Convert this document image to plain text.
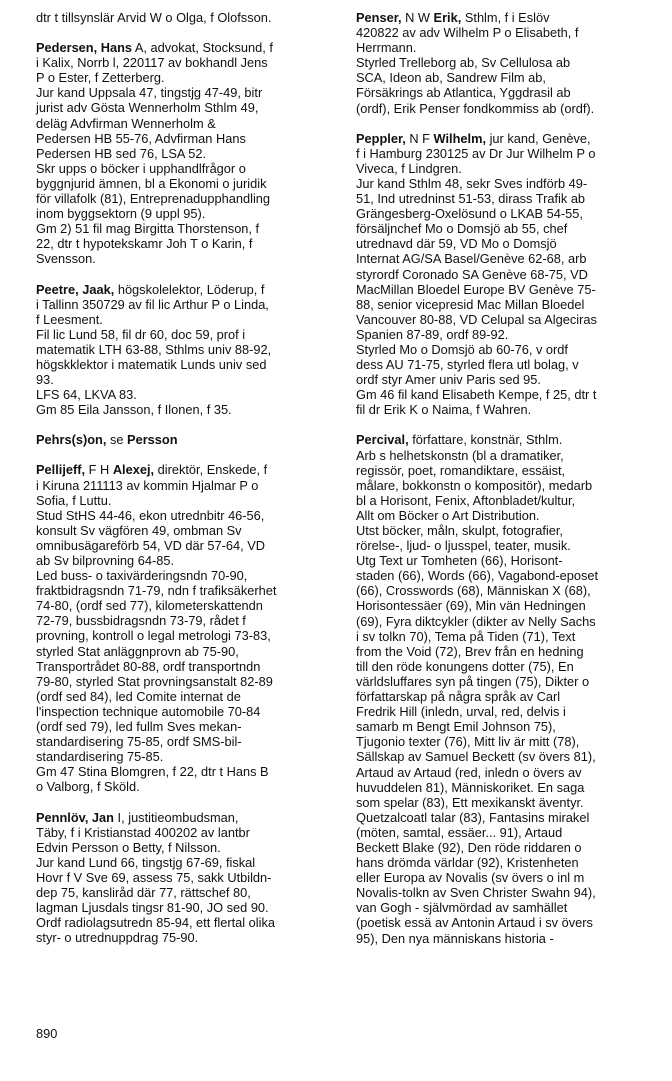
dtr t tillsynslär Arvid W o Olga, f Olofsson.
Pedersen, Hans A, advokat, Stocksund, f
i Kalix, Norrb l, 220117 av bokhandl Jens
P o Ester, f Zetterberg.
Jur kand Uppsala 47, tingstjg 47-49, bitr
jurist adv Gösta Wennerholm Sthlm 49,
deläg Advfirman Wennerholm &
Pedersen HB 55-76, Advfirman Hans
Pedersen HB sed 76, LSA 52.
Skr upps o böcker i upphandlfrågor o
byggnjurid ämnen, bl a Ekonomi o juridik
för villafolk (81), Entreprenadupphandling
inom byggsektorn (9 uppl 95).
Gm 2) 51 fil mag Birgitta Thorstenson, f
22, dtr t hypotekskamr Joh T o Karin, f
Svensson.
Peetre, Jaak, högskolelektor, Löderup, f
i Tallinn 350729 av fil lic Arthur P o Linda,
f Leesment.
Fil lic Lund 58, fil dr 60, doc 59, prof i
matematik LTH 63-88, Sthlms univ 88-92,
högskklektor i matematik Lunds univ sed
93.
LFS 64, LKVA 83.
Gm 85 Eila Jansson, f Ilonen, f 35.
Pehrs(s)on, se Persson
Pellijeff, F H Alexej, direktör, Enskede, f
i Kiruna 211113 av kommin Hjalmar P o
Sofia, f Luttu.
Stud StHS 44-46, ekon utrednbitr 46-56,
konsult Sv vägfören 49, ombman Sv
omnibusägareförb 54, VD där 57-64, VD
ab Sv bilprovning 64-85.
Led buss- o taxivärderingsndn 70-90,
fraktbidragsndn 71-79, ndn f trafiksäkerhet
74-80, (ordf sed 77), kilometerskattendn
72-79, bussbidragsndn 73-79, rådet f
provning, kontroll o legal metrologi 73-83,
styrled Stat anläggnprovn ab 75-90,
Transportrådet 80-88, ordf transportndn
79-80, styrled Stat provningsanstalt 82-89
(ordf sed 84), led Comite internat de
l'inspection technique automobile 70-84
(ordf sed 79), led fullm Sves mekan-
standardisering 75-85, ordf SMS-bil-
standardisering 75-85.
Gm 47 Stina Blomgren, f 22, dtr t Hans B
o Valborg, f Sköld.
Pennlöv, Jan I, justitieombudsman,
Täby, f i Kristianstad 400202 av lantbr
Edvin Persson o Betty, f Nilsson.
Jur kand Lund 66, tingstjg 67-69, fiskal
Hovr f V Sve 69, assess 75, sakk Utbildn-
dep 75, kansliråd där 77, rättschef 80,
lagman Ljusdals tingsr 81-90, JO sed 90.
Ordf radiolagsutredn 85-94, ett flertal olika
styr- o utrednuppdrag 75-90.
Penser, N W Erik, Sthlm, f i Eslöv
420822 av adv Wilhelm P o Elisabeth, f
Herrmann.
Styrled Trelleborg ab, Sv Cellulosa ab
SCA, Ideon ab, Sandrew Film ab,
Försäkrings ab Atlantica, Yggdrasil ab
(ordf), Erik Penser fondkommiss ab (ordf).
Peppler, N F Wilhelm, jur kand, Genève,
f i Hamburg 230125 av Dr Jur Wilhelm P o
Viveca, f Lindgren.
Jur kand Sthlm 48, sekr Sves indförb 49-
51, Ind utredninst 51-53, dirass Trafik ab
Grängesberg-Oxelösund o LKAB 54-55,
försäljnchef Mo o Domsjö ab 55, chef
utrednavd där 59, VD Mo o Domsjö
Internat AG/SA Basel/Genève 62-68, arb
styrordf Coronado SA Genève 68-75, VD
MacMillan Bloedel Europe BV Genève 75-
88, senior vicepresid Mac Millan Bloedel
Vancouver 80-88, VD Celupal sa Algeciras
Spanien 87-89, ordf 89-92.
Styrled Mo o Domsjö ab 60-76, v ordf
dess AU 71-75, styrled flera utl bolag, v
ordf styr Amer univ Paris sed 95.
Gm 46 fil kand Elisabeth Kempe, f 25, dtr t
fil dr Erik K o Naima, f Wahren.
Percival, författare, konstnär, Sthlm.
Arb s helhetskonstn (bl a dramatiker,
regissör, poet, romandiktare, essäist,
målare, bokkonstn o kompositör), medarb
bl a Horisont, Fenix, Aftonbladet/kultur,
Allt om Böcker o Art Distribution.
Utst böcker, måln, skulpt, fotografier,
rörelse-, ljud- o ljusspel, teater, musik.
Utg Text ur Tomheten (66), Horisont-
staden (66), Words (66), Vagabond-eposet
(66), Crosswords (68), Människan X (68),
Horisontessäer (69), Min vän Hedningen
(69), Fyra diktcykler (dikter av Nelly Sachs
i sv tolkn 70), Tema på Tiden (71), Text
from the Void (72), Brev från en hedning
till den röde konungens dotter (75), En
världsluffares syn på tingen (75), Dikter o
författarskap på några språk av Carl
Fredrik Hill (inledn, urval, red, delvis i
samarb m Bengt Emil Johnson 75),
Tjugonio texter (76), Mitt liv är mitt (78),
Sällskap av Samuel Beckett (sv övers 81),
Artaud av Artaud (red, inledn o övers av
huvuddelen 81), Människoriket. En saga
som spelar (83), Ett mexikanskt äventyr.
Quetzalcoatl talar (83), Fantasins mirakel
(möten, samtal, essäer... 91), Artaud
Beckett Blake (92), Den röde riddaren o
hans drömda världar (92), Kristenheten
eller Europa av Novalis (sv övers o inl m
Novalis-tolkn av Sven Christer Swahn 94),
van Gogh - självmördad av samhället
(poetisk essä av Antonin Artaud i sv övers
95), Den nya människans historia -
890
